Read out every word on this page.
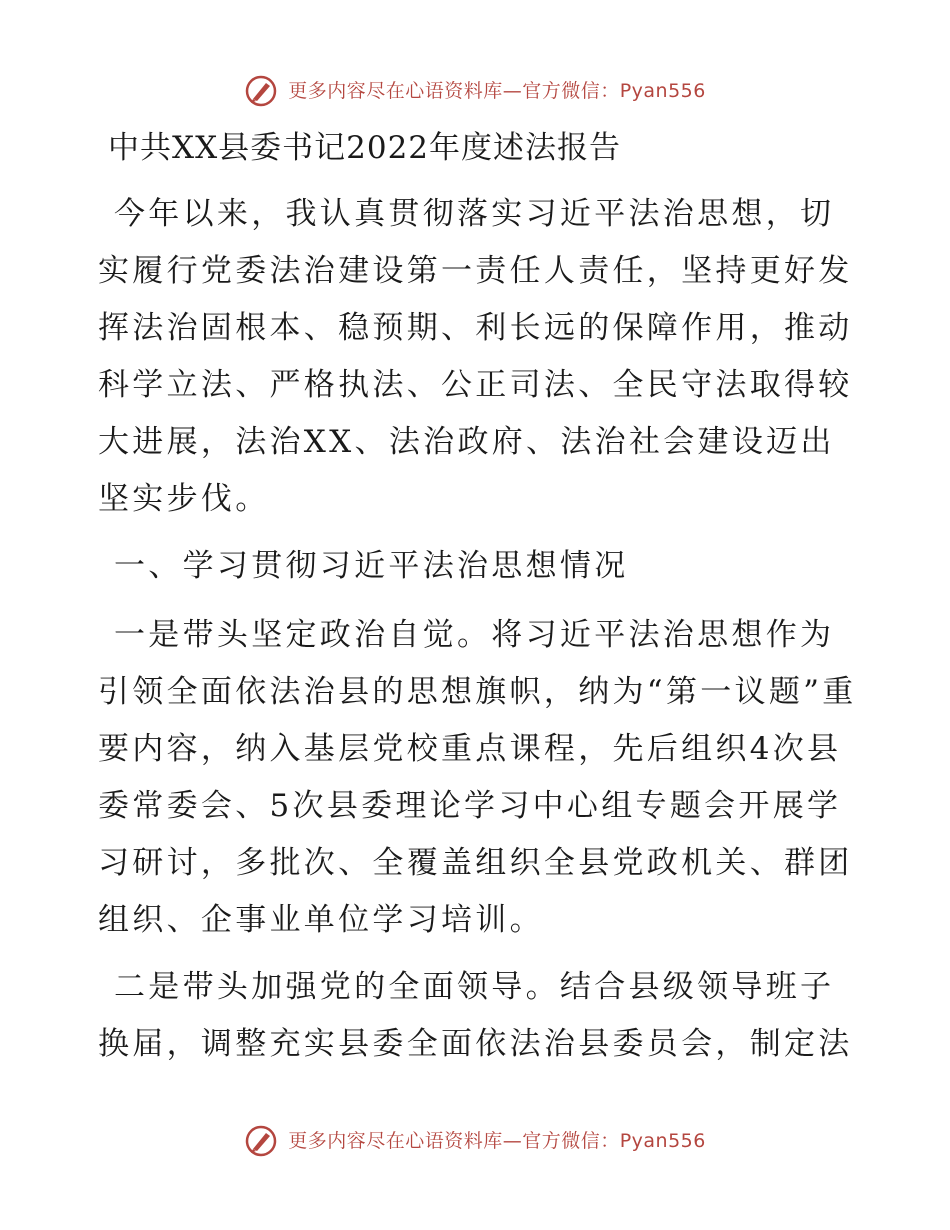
更多内容尽在心语资料库—官方微信：Pyan556
中共XX县委书记2022年度述法报告

今年以来，我认真贯彻落实习近平法治思想，切实履行党委法治建设第一责任人责任，坚持更好发挥法治固根本、稳预期、利长远的保障作用，推动科学立法、严格执法、公正司法、全民守法取得较大进展，法治XX、法治政府、法治社会建设迈出坚实步伐。

一、学习贯彻习近平法治思想情况

一是带头坚定政治自觉。将习近平法治思想作为引领全面依法治县的思想旗帜，纳为“第一议题”重要内容，纳入基层党校重点课程，先后组织4次县委常委会、5次县委理论学习中心组专题会开展学习研讨，多批次、全覆盖组织全县党政机关、群团组织、企事业单位学习培训。

二是带头加强党的全面领导。结合县级领导班子换届，调整充实县委全面依法治县委员会，制定法

更多内容尽在心语资料库—官方微信：Pyan556
